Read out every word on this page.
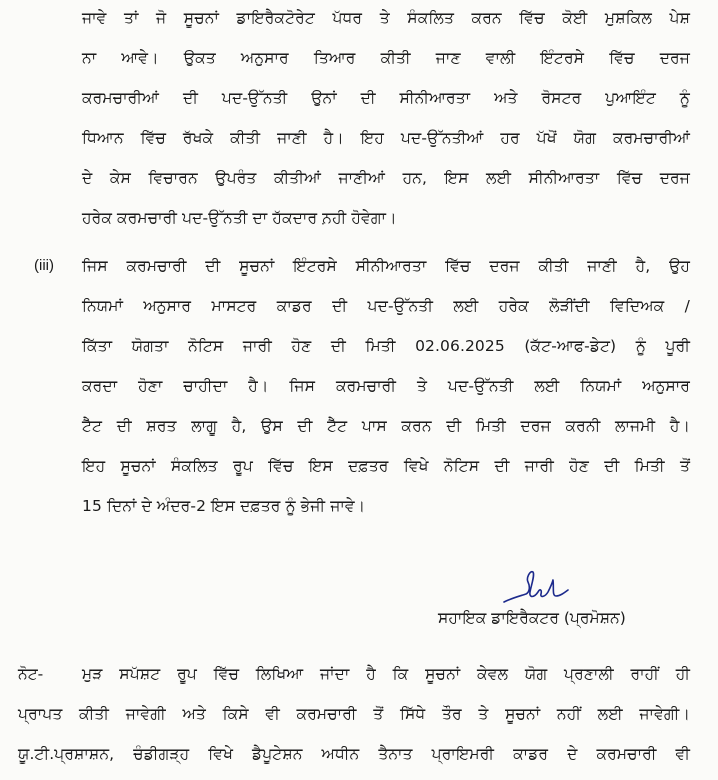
ਜਾਵੇ ਤਾਂ ਜੋ ਸੂਚਨਾਂ ਡਾਇਰੈਕਟੋਰੇਟ ਪੱਧਰ ਤੇ ਸੰਕਲਿਤ ਕਰਨ ਵਿੱਚ ਕੋਈ ਮੁਸ਼ਕਿਲ ਪੇਸ਼
ਨਾ ਆਵੇ। ਉਕਤ ਅਨੁਸਾਰ ਤਿਆਰ ਕੀਤੀ ਜਾਣ ਵਾਲੀ ਇੰਟਰਸੇ ਵਿੱਚ ਦਰਜ
ਕਰਮਚਾਰੀਆਂ ਦੀ ਪਦ-ਉੱਨਤੀ ਉਨਾਂ ਦੀ ਸੀਨੀਆਰਤਾ ਅਤੇ ਰੋਸਟਰ ਪੁਆਇੰਟ ਨੂੰ
ਧਿਆਨ ਵਿੱਚ ਰੱਖਕੇ ਕੀਤੀ ਜਾਣੀ ਹੈ। ਇਹ ਪਦ-ਉੱਨਤੀਆਂ ਹਰ ਪੱਖੋਂ ਯੋਗ ਕਰਮਚਾਰੀਆਂ
ਦੇ ਕੇਸ ਵਿਚਾਰਨ ਉਪਰੰਤ ਕੀਤੀਆਂ ਜਾਣੀਆਂ ਹਨ, ਇਸ ਲਈ ਸੀਨੀਆਰਤਾ ਵਿੱਚ ਦਰਜ
ਹਰੇਕ ਕਰਮਚਾਰੀ ਪਦ-ਉੱਨਤੀ ਦਾ ਹੱਕਦਾਰ ਨ਼ਹੀ ਹੋਵੇਗਾ।
(iii) ਜਿਸ ਕਰਮਚਾਰੀ ਦੀ ਸੂਚਨਾਂ ਇੰਟਰਸੇ ਸੀਨੀਆਰਤਾ ਵਿੱਚ ਦਰਜ ਕੀਤੀ ਜਾਣੀ ਹੈ, ਉਹ
ਨਿਯਮਾਂ ਅਨੁਸਾਰ ਮਾਸਟਰ ਕਾਡਰ ਦੀ ਪਦ-ਉੱਨਤੀ ਲਈ ਹਰੇਕ ਲੋੜੀਂਦੀ ਵਿਦਿਅਕ /
ਕਿੱਤਾ ਯੋਗਤਾ ਨੋਟਿਸ ਜਾਰੀ ਹੋਣ ਦੀ ਮਿਤੀ 02.06.2025 (ਕੱਟ-ਆਫ-ਡੇਟ) ਨੂੰ ਪੂਰੀ
ਕਰਦਾ ਹੋਣਾ ਚਾਹੀਦਾ ਹੈ। ਜਿਸ ਕਰਮਚਾਰੀ ਤੇ ਪਦ-ਉੱਨਤੀ ਲਈ ਨਿਯਮਾਂ ਅਨੁਸਾਰ
ਟੈੱਟ ਦੀ ਸ਼ਰਤ ਲਾਗੂ ਹੈ, ਉਸ ਦੀ ਟੈੱਟ ਪਾਸ ਕਰਨ ਦੀ ਮਿਤੀ ਦਰਜ ਕਰਨੀ ਲਾਜਮੀ ਹੈ।
ਇਹ ਸੂਚਨਾਂ ਸੰਕਲਿਤ ਰੂਪ ਵਿੱਚ ਇਸ ਦਫ਼ਤਰ ਵਿਖੇ ਨੋਟਿਸ ਦੀ ਜਾਰੀ ਹੋਣ ਦੀ ਮਿਤੀ ਤੋਂ
15 ਦਿਨਾਂ ਦੇ ਅੰਦਰ-2 ਇਸ ਦਫ਼ਤਰ ਨੂੰ ਭੇਜੀ ਜਾਵੇ।
ਸਹਾਇਕ ਡਾਇਰੈਕਟਰ (ਪ੍ਰਮੋਸ਼ਨ)
ਨੋਟ-	ਮੁੜ ਸਪੱਸ਼ਟ ਰੂਪ ਵਿੱਚ ਲਿਖਿਆ ਜਾਂਦਾ ਹੈ ਕਿ ਸੂਚਨਾਂ ਕੇਵਲ ਯੋਗ ਪ੍ਰਣਾਲੀ ਰਾਹੀਂ ਹੀ
ਪ੍ਰਾਪਤ ਕੀਤੀ ਜਾਵੇਗੀ ਅਤੇ ਕਿਸੇ ਵੀ ਕਰਮਚਾਰੀ ਤੋਂ ਸਿੱਧੇ ਤੌਰ ਤੇ ਸੂਚਨਾਂ ਨਹੀਂ ਲਈ ਜਾਵੇਗੀ।
ਯੂ.ਟੀ.ਪ੍ਰਸ਼ਾਸ਼ਨ, ਚੰਡੀਗੜ੍ਹ ਵਿਖੇ ਡੈਪੂਟੇਸ਼ਨ ਅਧੀਨ ਤੈਨਾਤ ਪ੍ਰਾਇਮਰੀ ਕਾਡਰ ਦੇ ਕਰਮਚਾਰੀ ਵੀ
